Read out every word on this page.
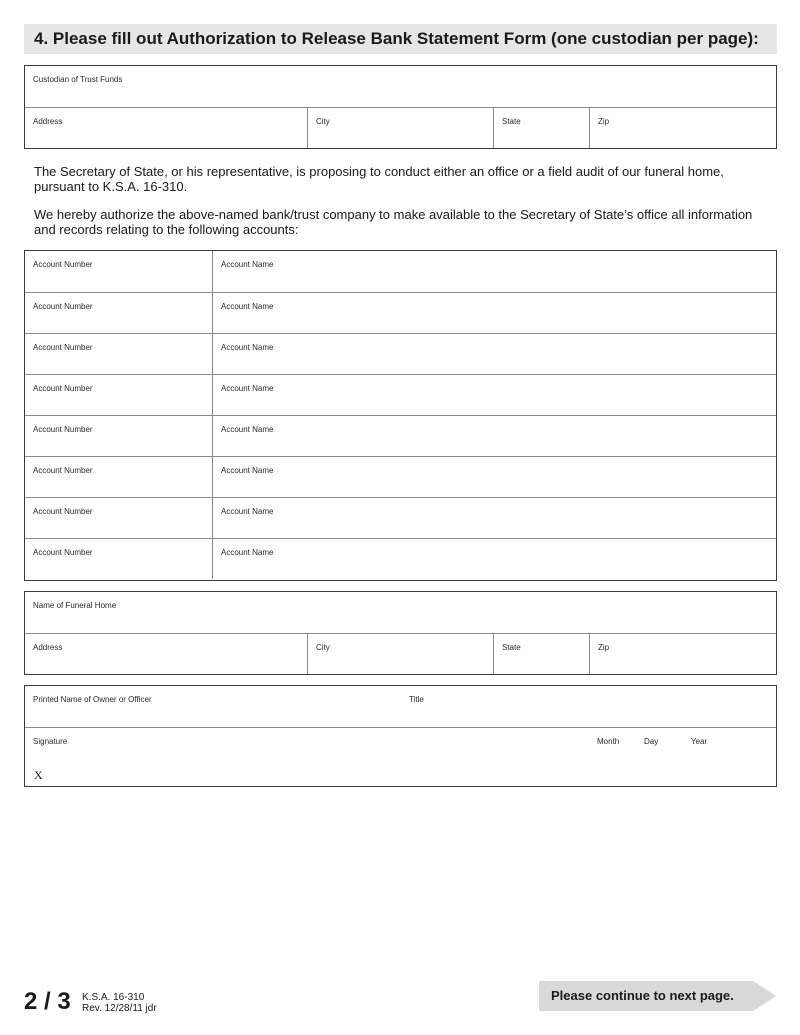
4. Please fill out Authorization to Release Bank Statement Form (one custodian per page):
Custodian of Trust Funds
Address	City	State	Zip
The Secretary of State, or his representative, is proposing to conduct either an office or a field audit of our funeral home, pursuant to K.S.A. 16-310.
We hereby authorize the above-named bank/trust company to make available to the Secretary of State’s office all information and records relating to the following accounts:
Account Number	Account Name
Account Number	Account Name
Account Number	Account Name
Account Number	Account Name
Account Number	Account Name
Account Number	Account Name
Account Number	Account Name
Account Number	Account Name
Name of Funeral Home
Address	City	State	Zip
Printed Name of Owner or Officer	Title
Signature
X
Month	Day	Year
2 / 3 K.S.A. 16-310
Rev. 12/28/11 jdr
Please continue to next page.
